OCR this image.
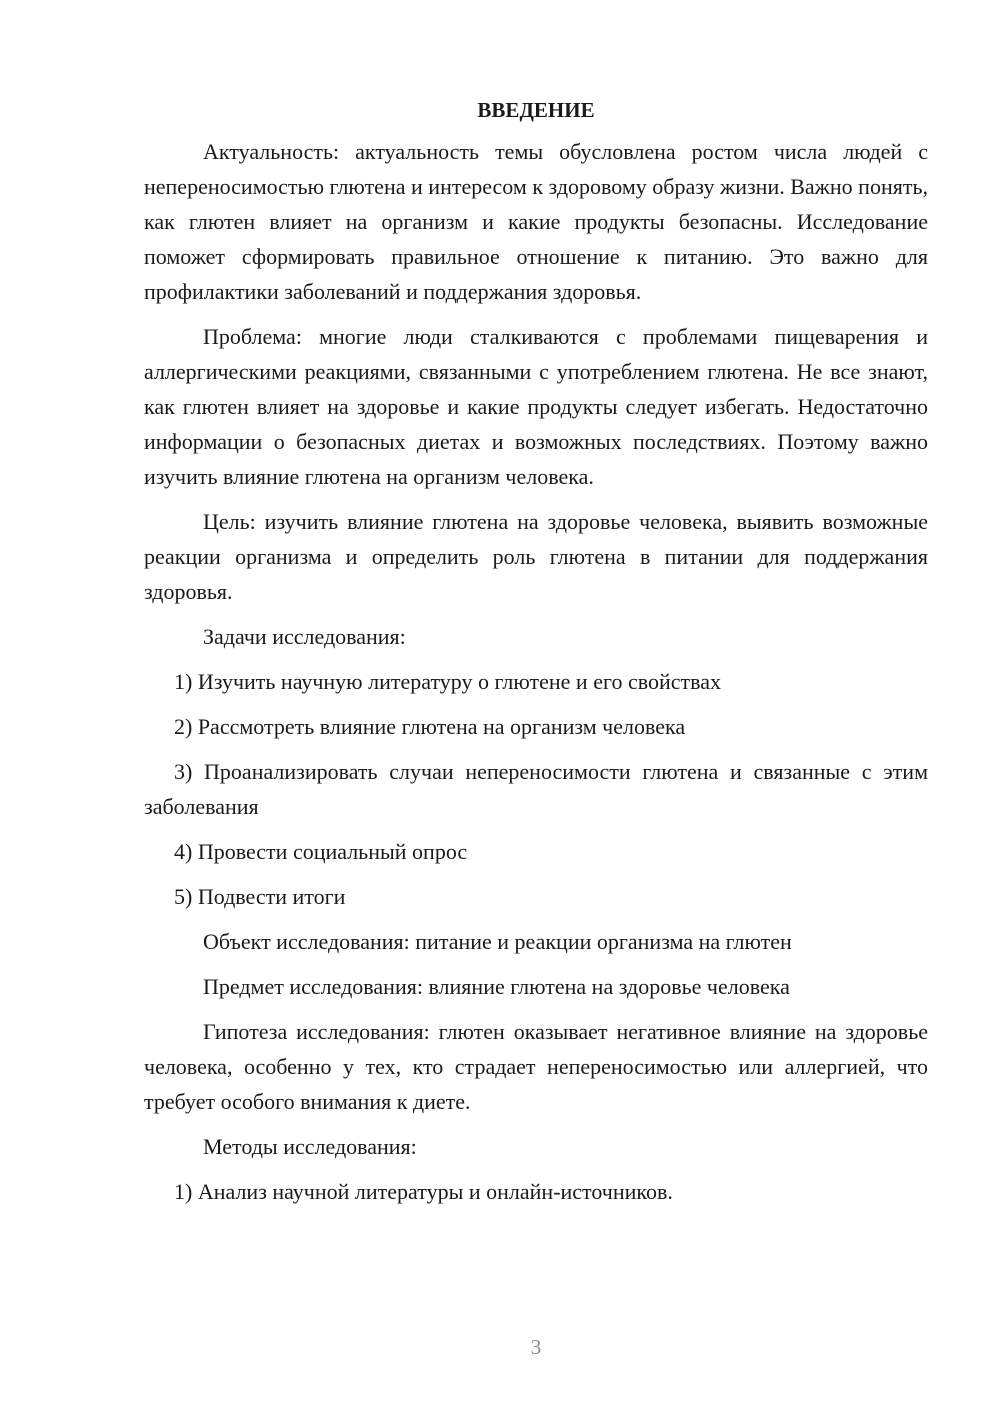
ВВЕДЕНИЕ

Актуальность: актуальность темы обусловлена ростом числа людей с непереносимостью глютена и интересом к здоровому образу жизни. Важно понять, как глютен влияет на организм и какие продукты безопасны. Исследование поможет сформировать правильное отношение к питанию. Это важно для профилактики заболеваний и поддержания здоровья.

Проблема: многие люди сталкиваются с проблемами пищеварения и аллергическими реакциями, связанными с употреблением глютена. Не все знают, как глютен влияет на здоровье и какие продукты следует избегать. Недостаточно информации о безопасных диетах и возможных последствиях. Поэтому важно изучить влияние глютена на организм человека.

Цель: изучить влияние глютена на здоровье человека, выявить возможные реакции организма и определить роль глютена в питании для поддержания здоровья.

Задачи исследования:

1) Изучить научную литературу о глютене и его свойствах

2) Рассмотреть влияние глютена на организм человека

3) Проанализировать случаи непереносимости глютена и связанные с этим заболевания

4) Провести социальный опрос

5) Подвести итоги

Объект исследования: питание и реакции организма на глютен

Предмет исследования: влияние глютена на здоровье человека

Гипотеза исследования: глютен оказывает негативное влияние на здоровье человека, особенно у тех, кто страдает непереносимостью или аллергией, что требует особого внимания к диете.

Методы исследования:

1) Анализ научной литературы и онлайн-источников.

3
